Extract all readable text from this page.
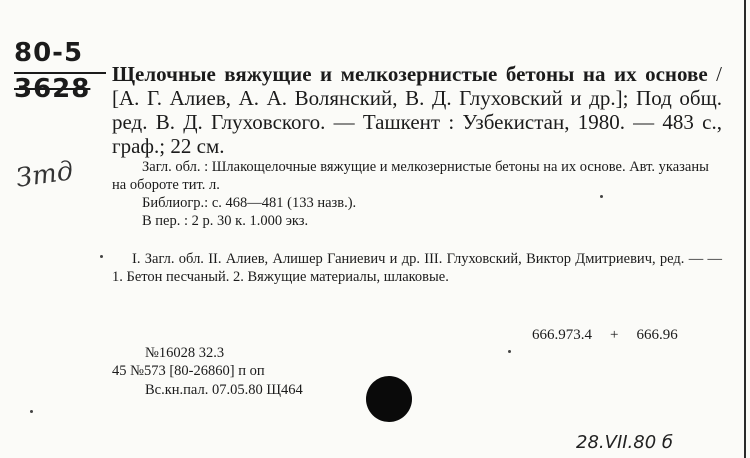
80-5
3628
Зтд
Щелочные вяжущие и мелкозернистые бетоны на их основе / [А. Г. Алиев, А. А. Волянский, В. Д. Глуховский и др.]; Под общ. ред. В. Д. Глуховского. — Ташкент : Узбекистан, 1980. — 483 с., граф.; 22 см.
Загл. обл. : Шлакощелочные вяжущие и мелкозернистые бетоны на их основе. Авт. указаны на обороте тит. л.
Библиогр.: с. 468—481 (133 назв.).
В пер. : 2 р. 30 к. 1.000 экз.
I. Загл. обл. II. Алиев, Алишер Ганиевич и др. III. Глуховский, Виктор Дмитриевич, ред. — — 1. Бетон песчаный. 2. Вяжущие материалы, шлаковые.
666.973.4 + 666.96
№16028 32.3
45 №573 [80-26860] п оп
Вс.кн.пал. 07.05.80 Щ464
28.VII.80 б
